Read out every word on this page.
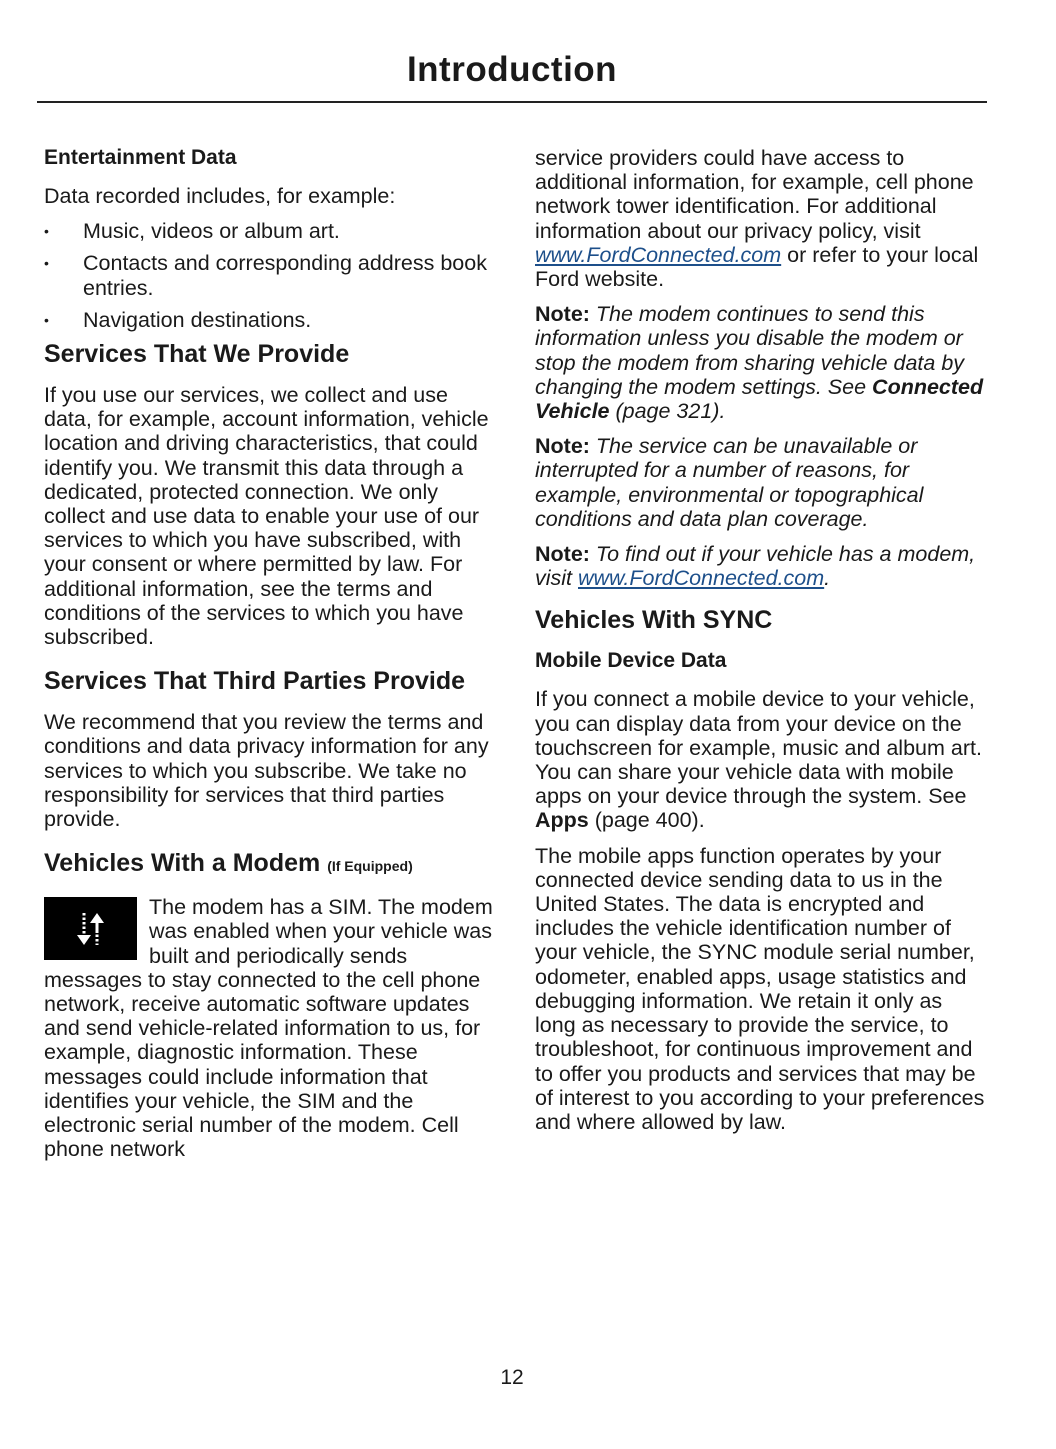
Introduction
Entertainment Data

Data recorded includes, for example:

• Music, videos or album art.
• Contacts and corresponding address book entries.
• Navigation destinations.
Services That We Provide

If you use our services, we collect and use data, for example, account information, vehicle location and driving characteristics, that could identify you. We transmit this data through a dedicated, protected connection. We only collect and use data to enable your use of our services to which you have subscribed, with your consent or where permitted by law. For additional information, see the terms and conditions of the services to which you have subscribed.

Services That Third Parties Provide

We recommend that you review the terms and conditions and data privacy information for any services to which you subscribe. We take no responsibility for services that third parties provide.

Vehicles With a Modem (If Equipped)

The modem has a SIM. The modem was enabled when your vehicle was built and periodically sends messages to stay connected to the cell phone network, receive automatic software updates and send vehicle-related information to us, for example, diagnostic information. These messages could include information that identifies your vehicle, the SIM and the electronic serial number of the modem. Cell phone network

service providers could have access to additional information, for example, cell phone network tower identification. For additional information about our privacy policy, visit www.FordConnected.com or refer to your local Ford website.

Note: The modem continues to send this information unless you disable the modem or stop the modem from sharing vehicle data by changing the modem settings. See Connected Vehicle (page 321).

Note: The service can be unavailable or interrupted for a number of reasons, for example, environmental or topographical conditions and data plan coverage.

Note: To find out if your vehicle has a modem, visit www.FordConnected.com.

Vehicles With SYNC
Mobile Device Data

If you connect a mobile device to your vehicle, you can display data from your device on the touchscreen for example, music and album art. You can share your vehicle data with mobile apps on your device through the system. See Apps (page 400).

The mobile apps function operates by your connected device sending data to us in the United States. The data is encrypted and includes the vehicle identification number of your vehicle, the SYNC module serial number, odometer, enabled apps, usage statistics and debugging information. We retain it only as long as necessary to provide the service, to troubleshoot, for continuous improvement and to offer you products and services that may be of interest to you according to your preferences and where allowed by law.

12
